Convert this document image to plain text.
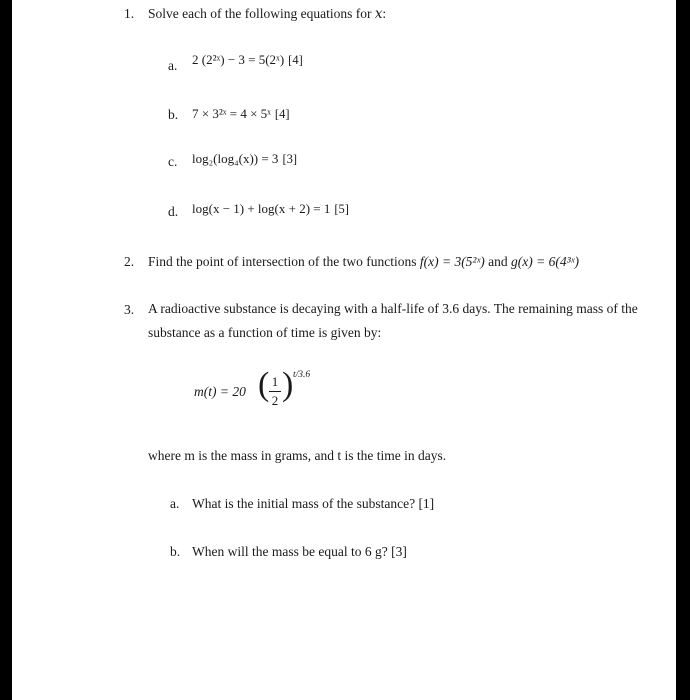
1. Solve each of the following equations for 𝑥:
a. 2 (2²ˣ) − 3 = 5(2ˣ) [4]
b. 7 × 3²ˣ = 4 × 5ˣ [4]
c. log₂(log₄(x)) = 3 [3]
d. log(x − 1) + log(x + 2) = 1 [5]
2. Find the point of intersection of the two functions f(x) = 3(5²ˣ) and g(x) = 6(4³ˣ)
3. A radioactive substance is decaying with a half-life of 3.6 days. The remaining mass of the substance as a function of time is given by:
m(t) = 20 ( 1
2 ) t/3.6
where m is the mass in grams, and t is the time in days.
a. What is the initial mass of the substance? [1]
b. When will the mass be equal to 6 g? [3]
